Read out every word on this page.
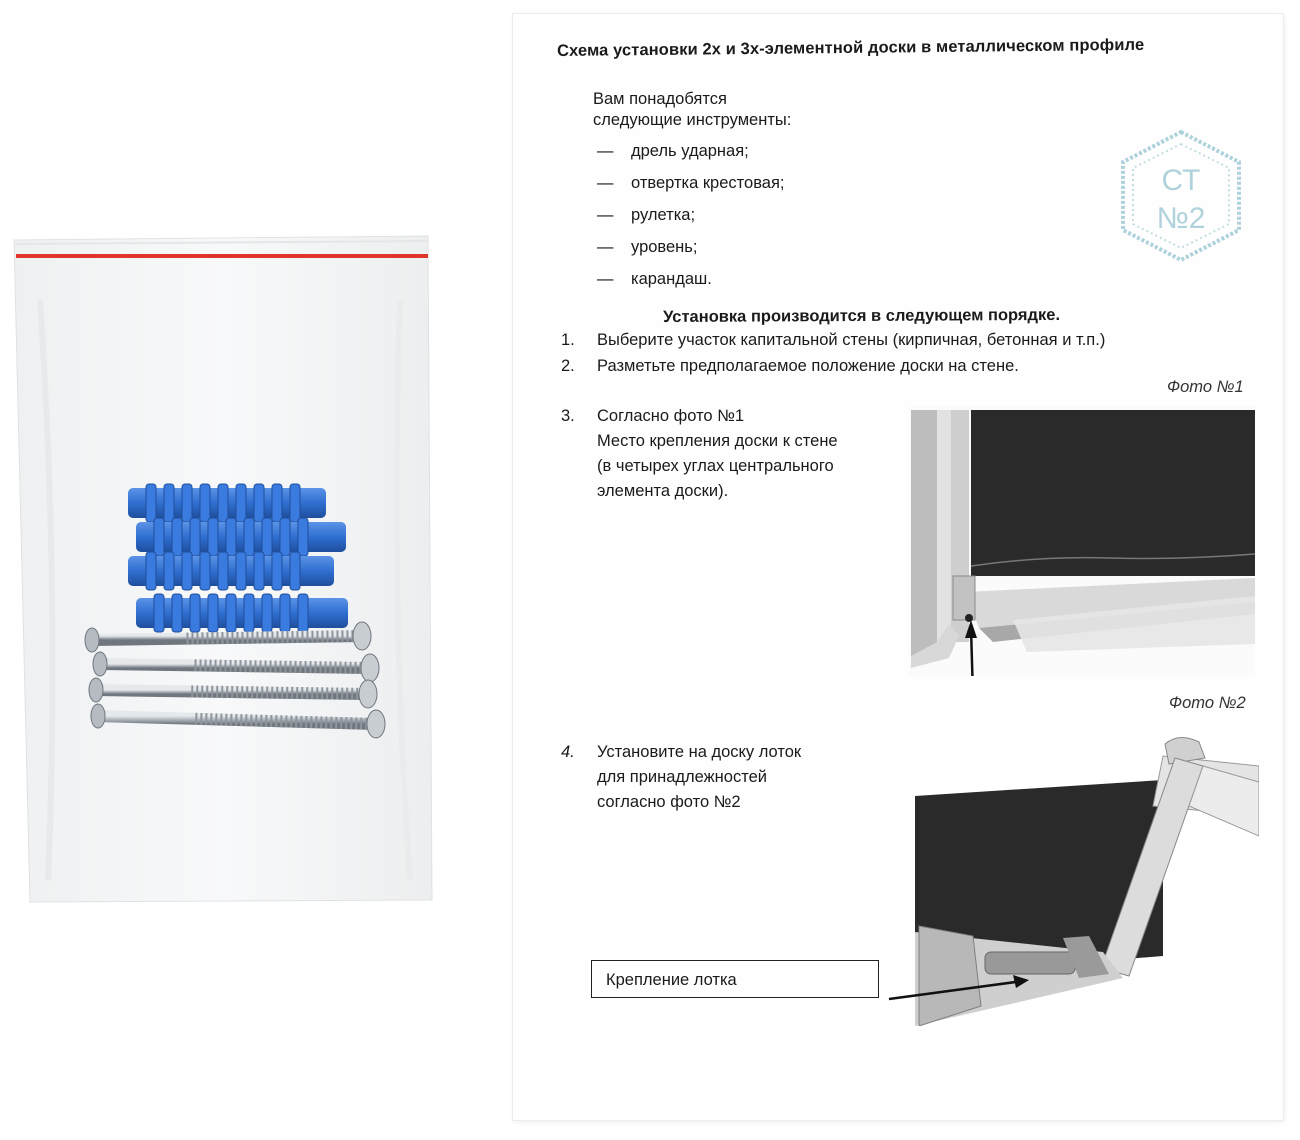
Схема установки 2х и 3х-элементной доски в металлическом профиле
Вам понадобятся
следующие инструменты:
— дрель ударная;
— отвертка крестовая;
— рулетка;
— уровень;
— карандаш.
СТ
№2
Установка производится в следующем порядке.
1. Выберите участок капитальной стены (кирпичная, бетонная и т.п.)
2. Разметьте предполагаемое положение доски на стене.
3. Согласно фото №1
Место крепления доски к стене
(в четырех углах центрального
элемента доски).
4. Установите на доску лоток
для принадлежностей
согласно фото №2
Фото №1
Фото №2
Крепление лотка
